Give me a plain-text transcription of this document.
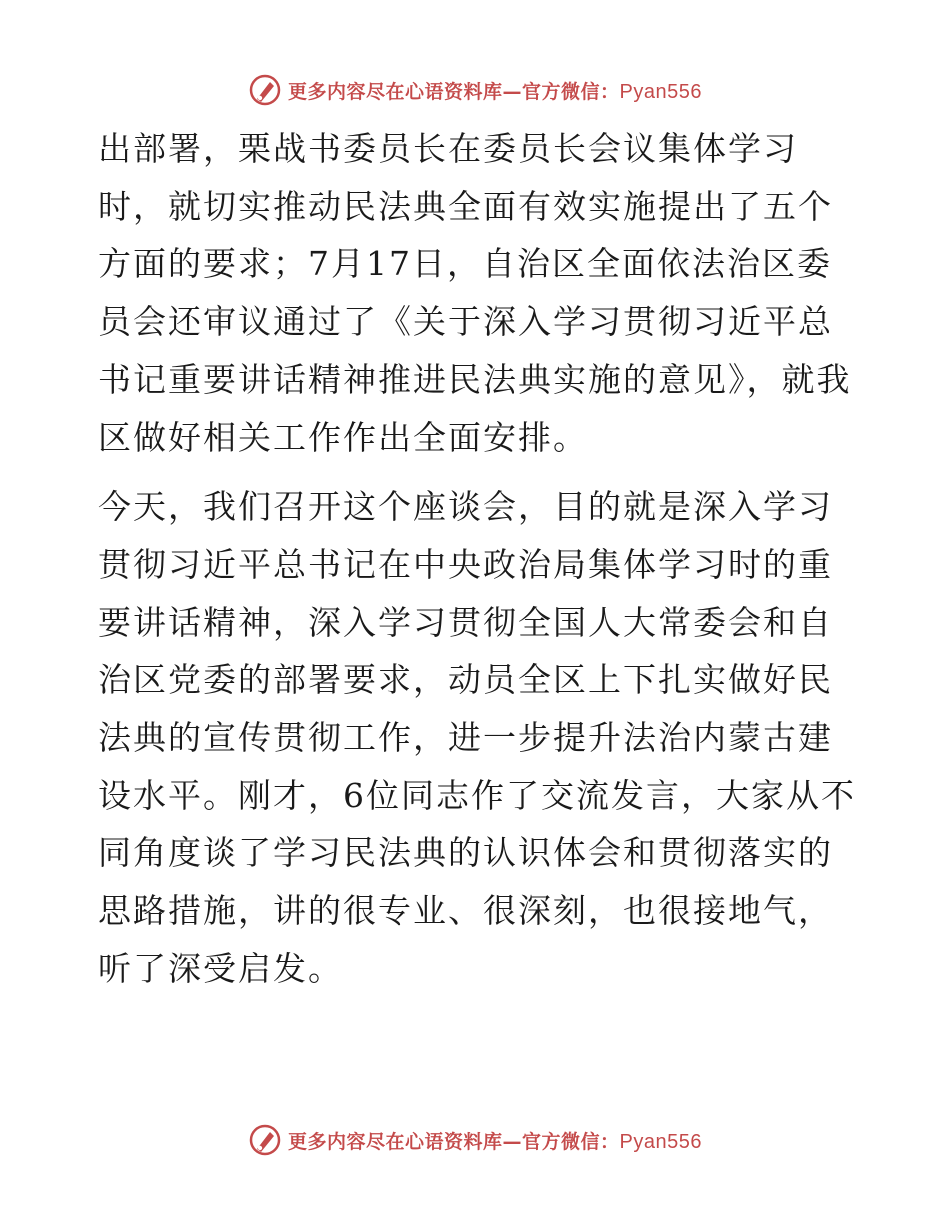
更多内容尽在心语资料库—官方微信：Pyan556

出部署，栗战书委员长在委员长会议集体学习时，就切实推动民法典全面有效实施提出了五个方面的要求；7月17日，自治区全面依法治区委员会还审议通过了《关于深入学习贯彻习近平总书记重要讲话精神推进民法典实施的意见》，就我区做好相关工作作出全面安排。

今天，我们召开这个座谈会，目的就是深入学习贯彻习近平总书记在中央政治局集体学习时的重要讲话精神，深入学习贯彻全国人大常委会和自治区党委的部署要求，动员全区上下扎实做好民法典的宣传贯彻工作，进一步提升法治内蒙古建设水平。刚才，6位同志作了交流发言，大家从不同角度谈了学习民法典的认识体会和贯彻落实的思路措施，讲的很专业、很深刻，也很接地气，听了深受启发。

更多内容尽在心语资料库—官方微信：Pyan556
